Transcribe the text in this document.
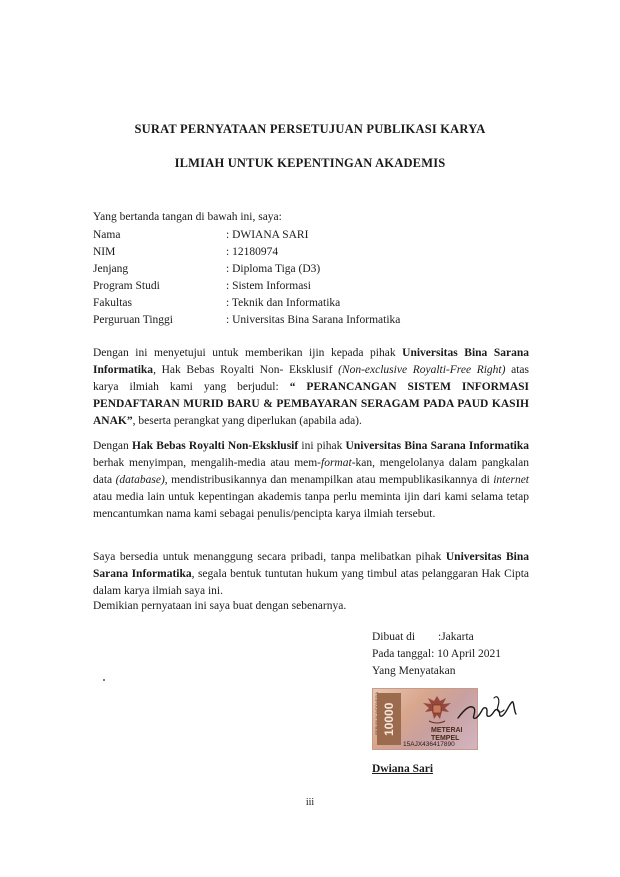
SURAT PERNYATAAN PERSETUJUAN PUBLIKASI KARYA
ILMIAH UNTUK KEPENTINGAN AKADEMIS
Yang bertanda tangan di bawah ini, saya:
Nama	: DWIANA SARI
NIM	: 12180974
Jenjang	: Diploma Tiga (D3)
Program Studi	: Sistem Informasi
Fakultas	: Teknik dan Informatika
Perguruan Tinggi	: Universitas Bina Sarana Informatika
Dengan ini menyetujui untuk memberikan ijin kepada pihak Universitas Bina Sarana Informatika, Hak Bebas Royalti Non- Eksklusif (Non-exclusive Royalti-Free Right) atas karya ilmiah kami yang berjudul: “ PERANCANGAN SISTEM INFORMASI PENDAFTARAN MURID BARU & PEMBAYARAN SERAGAM PADA PAUD KASIH ANAK”, beserta perangkat yang diperlukan (apabila ada).
Dengan Hak Bebas Royalti Non-Eksklusif ini pihak Universitas Bina Sarana Informatika berhak menyimpan, mengalih-media atau mem-format-kan, mengelolanya dalam pangkalan data (database), mendistribusikannya dan menampilkan atau mempublikasikannya di internet atau media lain untuk kepentingan akademis tanpa perlu meminta ijin dari kami selama tetap mencantumkan nama kami sebagai penulis/pencipta karya ilmiah tersebut.
Saya bersedia untuk menanggung secara pribadi, tanpa melibatkan pihak Universitas Bina Sarana Informatika, segala bentuk tuntutan hukum yang timbul atas pelanggaran Hak Cipta dalam karya ilmiah saya ini.
Demikian pernyataan ini saya buat dengan sebenarnya.
Dibuat di :Jakarta
Pada tanggal: 10 April 2021
Yang Menyatakan
10000	METERAI
TEMPEL
15AJX436417890
Dwiana Sari
iii
